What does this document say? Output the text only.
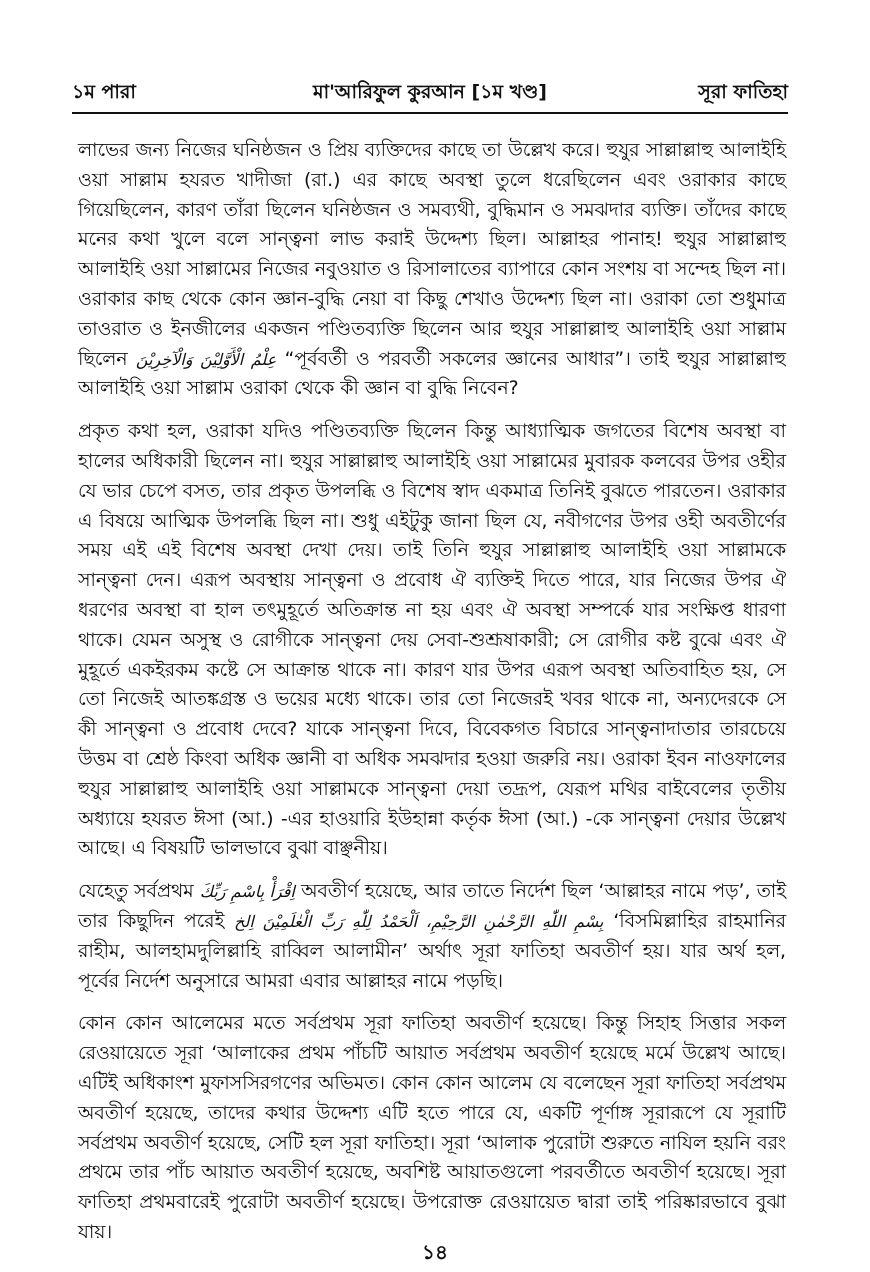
১ম পারা	মা'আরিফুল কুরআন [১ম খণ্ড]	সূরা ফাতিহা

লাভের জন্য নিজের ঘনিষ্ঠজন ও প্রিয় ব্যক্তিদের কাছে তা উল্লেখ করে। হুযুর সাল্লাল্লাহু আলাইহি ওয়া সাল্লাম হযরত খাদীজা (রা.) এর কাছে অবস্থা তুলে ধরেছিলেন এবং ওরাকার কাছে গিয়েছিলেন, কারণ তাঁরা ছিলেন ঘনিষ্ঠজন ও সমব্যথী, বুদ্ধিমান ও সমঝদার ব্যক্তি। তাঁদের কাছে মনের কথা খুলে বলে সান্ত্বনা লাভ করাই উদ্দেশ্য ছিল। আল্লাহর পানাহ! হুযুর সাল্লাল্লাহু আলাইহি ওয়া সাল্লামের নিজের নবুওয়াত ও রিসালাতের ব্যাপারে কোন সংশয় বা সন্দেহ ছিল না। ওরাকার কাছ থেকে কোন জ্ঞান-বুদ্ধি নেয়া বা কিছু শেখাও উদ্দেশ্য ছিল না। ওরাকা তো শুধুমাত্র তাওরাত ও ইনজীলের একজন পণ্ডিতব্যক্তি ছিলেন আর হুযুর সাল্লাল্লাহু আলাইহি ওয়া সাল্লাম ছিলেন عِلْمُ الْأَوَّلِيْنَ وَالْآخِرِيْنَ “পূর্ববর্তী ও পরবর্তী সকলের জ্ঞানের আধার”। তাই হুযুর সাল্লাল্লাহু আলাইহি ওয়া সাল্লাম ওরাকা থেকে কী জ্ঞান বা বুদ্ধি নিবেন?

প্রকৃত কথা হল, ওরাকা যদিও পণ্ডিতব্যক্তি ছিলেন কিন্তু আধ্যাত্মিক জগতের বিশেষ অবস্থা বা হালের অধিকারী ছিলেন না। হুযুর সাল্লাল্লাহু আলাইহি ওয়া সাল্লামের মুবারক কলবের উপর ওহীর যে ভার চেপে বসত, তার প্রকৃত উপলব্ধি ও বিশেষ স্বাদ একমাত্র তিনিই বুঝতে পারতেন। ওরাকার এ বিষয়ে আত্মিক উপলব্ধি ছিল না। শুধু এইটুকু জানা ছিল যে, নবীগণের উপর ওহী অবতীর্ণের সময় এই এই বিশেষ অবস্থা দেখা দেয়। তাই তিনি হুযুর সাল্লাল্লাহু আলাইহি ওয়া সাল্লামকে সান্ত্বনা দেন। এরূপ অবস্থায় সান্ত্বনা ও প্রবোধ ঐ ব্যক্তিই দিতে পারে, যার নিজের উপর ঐ ধরণের অবস্থা বা হাল তৎমুহূর্তে অতিক্রান্ত না হয় এবং ঐ অবস্থা সম্পর্কে যার সংক্ষিপ্ত ধারণা থাকে। যেমন অসুস্থ ও রোগীকে সান্ত্বনা দেয় সেবা-শুশ্রূষাকারী; সে রোগীর কষ্ট বুঝে এবং ঐ মুহূর্তে একইরকম কষ্টে সে আক্রান্ত থাকে না। কারণ যার উপর এরূপ অবস্থা অতিবাহিত হয়, সে তো নিজেই আতঙ্কগ্রস্ত ও ভয়ের মধ্যে থাকে। তার তো নিজেরই খবর থাকে না, অন্যদেরকে সে কী সান্ত্বনা ও প্রবোধ দেবে? যাকে সান্ত্বনা দিবে, বিবেকগত বিচারে সান্ত্বনাদাতার তারচেয়ে উত্তম বা শ্রেষ্ঠ কিংবা অধিক জ্ঞানী বা অধিক সমঝদার হওয়া জরুরি নয়। ওরাকা ইবন নাওফালের হুযুর সাল্লাল্লাহু আলাইহি ওয়া সাল্লামকে সান্ত্বনা দেয়া তদ্রূপ, যেরূপ মথির বাইবেলের তৃতীয় অধ্যায়ে হযরত ঈসা (আ.) -এর হাওয়ারি ইউহান্না কর্তৃক ঈসা (আ.) -কে সান্ত্বনা দেয়ার উল্লেখ আছে। এ বিষয়টি ভালভাবে বুঝা বাঞ্ছনীয়।

যেহেতু সর্বপ্রথম اِقْرَأْ بِاسْمِ رَبِّكَ অবতীর্ণ হয়েছে, আর তাতে নির্দেশ ছিল ‘আল্লাহর নামে পড়’, তাই তার কিছুদিন পরেই بِسْمِ اللّٰهِ الرَّحْمٰنِ الرَّحِيْمِ، اَلْحَمْدُ لِلّٰهِ رَبِّ الْعٰلَمِيْنَ اِلخ ‘বিসমিল্লাহির রাহমানির রাহীম, আলহামদুলিল্লাহি রাব্বিল আলামীন’ অর্থাৎ সূরা ফাতিহা অবতীর্ণ হয়। যার অর্থ হল, পূর্বের নির্দেশ অনুসারে আমরা এবার আল্লাহর নামে পড়ছি।

কোন কোন আলেমের মতে সর্বপ্রথম সূরা ফাতিহা অবতীর্ণ হয়েছে। কিন্তু সিহাহ সিত্তার সকল রেওয়ায়েতে সূরা ‘আলাকের প্রথম পাঁচটি আয়াত সর্বপ্রথম অবতীর্ণ হয়েছে মর্মে উল্লেখ আছে। এটিই অধিকাংশ মুফাসসিরগণের অভিমত। কোন কোন আলেম যে বলেছেন সূরা ফাতিহা সর্বপ্রথম অবতীর্ণ হয়েছে, তাদের কথার উদ্দেশ্য এটি হতে পারে যে, একটি পূর্ণাঙ্গ সূরারূপে যে সূরাটি সর্বপ্রথম অবতীর্ণ হয়েছে, সেটি হল সূরা ফাতিহা। সূরা ‘আলাক পুরোটা শুরুতে নাযিল হয়নি বরং প্রথমে তার পাঁচ আয়াত অবতীর্ণ হয়েছে, অবশিষ্ট আয়াতগুলো পরবর্তীতে অবতীর্ণ হয়েছে। সূরা ফাতিহা প্রথমবারেই পুরোটা অবতীর্ণ হয়েছে। উপরোক্ত রেওয়ায়েত দ্বারা তাই পরিষ্কারভাবে বুঝা যায়।

১৪
